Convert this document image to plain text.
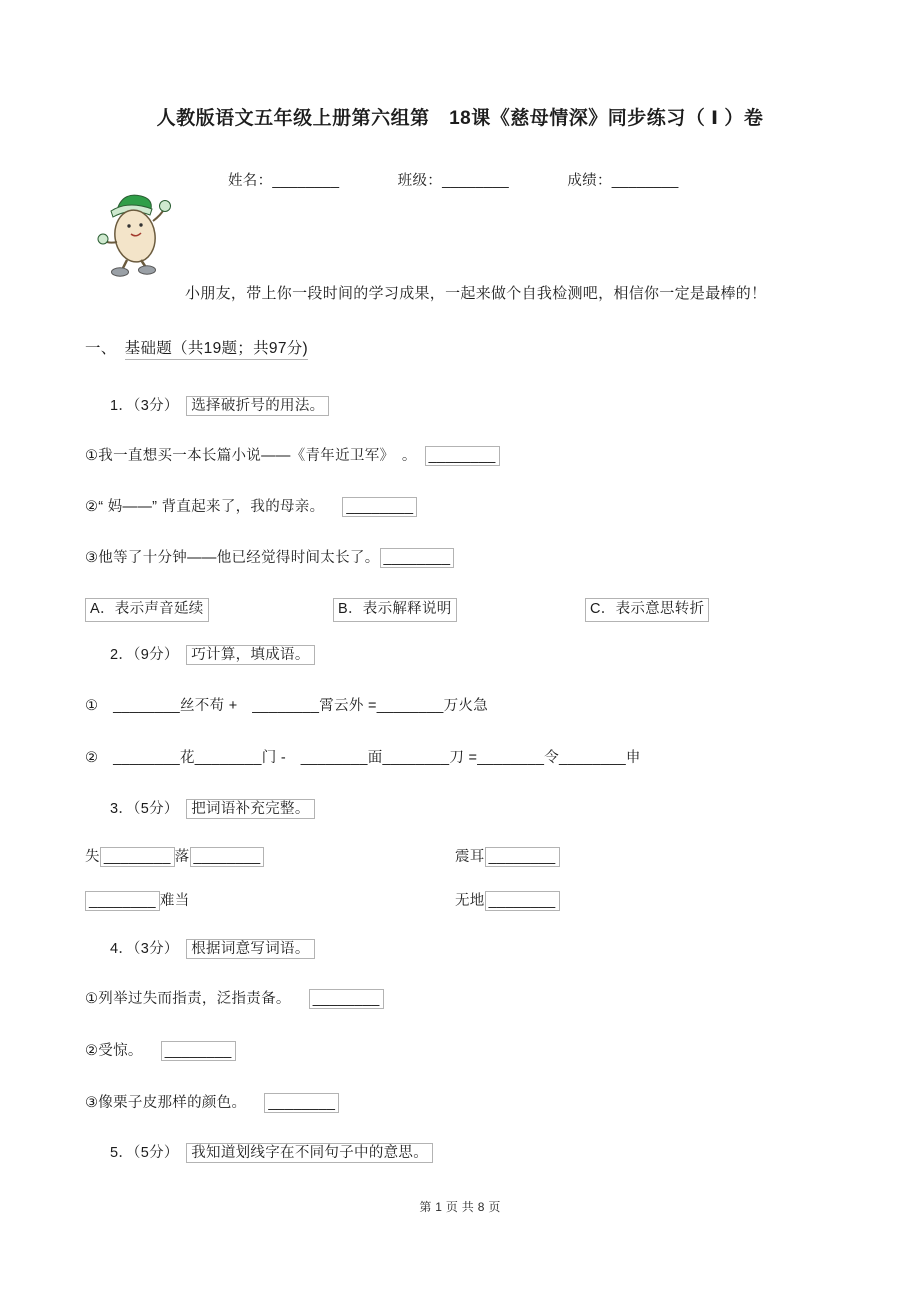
人教版语文五年级上册第六组第　18课《慈母情深》同步练习（ Ⅰ ）卷
姓名：________	班级：________	成绩：________
小朋友，带上你一段时间的学习成果，一起来做个自我检测吧，相信你一定是最棒的！
一、　基础题（共19题；共97分)
1．（3分）　选择破折号的用法。
①我一直想买一本长篇小说——《青年近卫军》　。 ________
②“ 妈——” 背直起来了，我的母亲。 ________
③他等了十分钟——他已经觉得时间太长了。 ________
A．表示声音延续	B．表示解释说明	C．表示意思转折
2．（9分）　巧计算，填成语。
①　________丝不苟 +　________霄云外 =________万火急
②　________花________门 -　________面________刀 =________令________申
3．（5分）　把词语补充完整。
失 ________ 落 ________	震耳 ________
________ 难当	无地 ________
4．（3分）　根据词意写词语。
①列举过失而指责，泛指责备。 ________
②受惊。 ________
③像栗子皮那样的颜色。 ________
5．（5分）　我知道划线字在不同句子中的意思。
第 1 页 共 8 页
